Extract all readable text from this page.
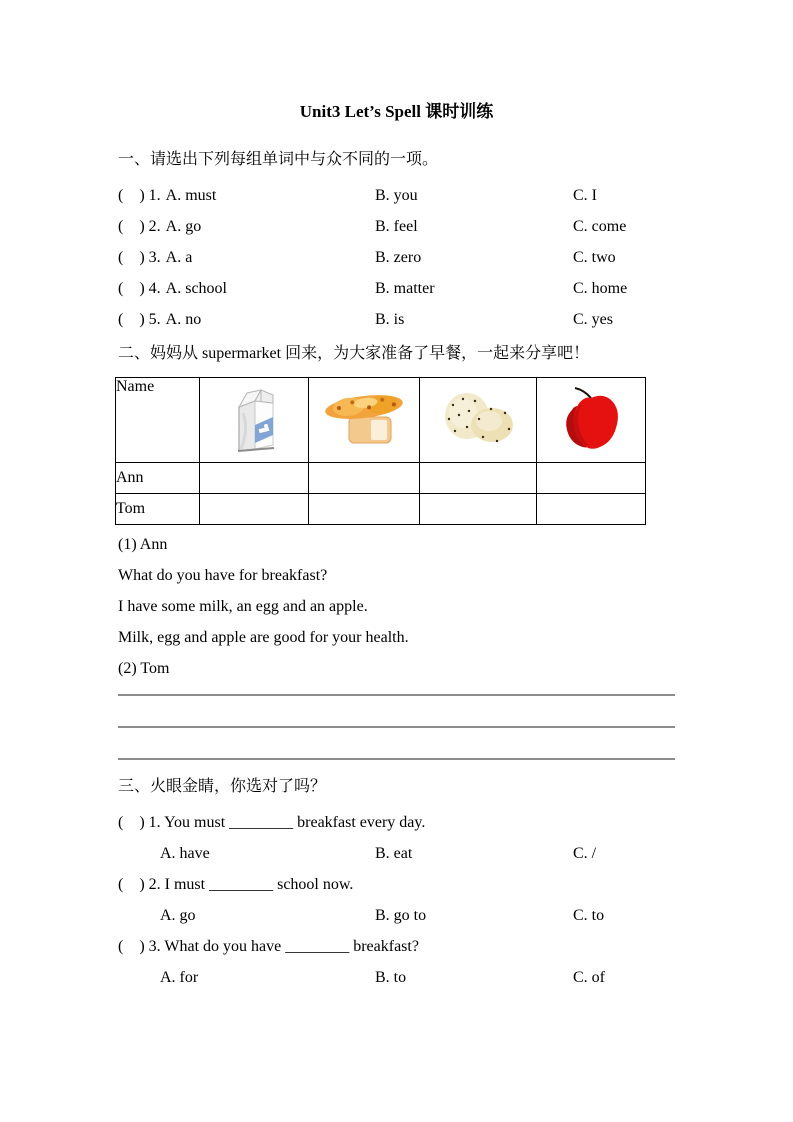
Unit3 Let’s Spell 课时训练
一、请选出下列每组单词中与众不同的一项。
(　) 1. A. must	B. you	C. I
(　) 2. A. go	B. feel	C. come
(　) 3. A. a	B. zero	C. two
(　) 4. A. school	B. matter	C. home
(　) 5. A. no	B. is	C. yes
二、妈妈从 supermarket 回来，为大家准备了早餐，一起来分享吧！
Name				
Ann				
Tom				
(1) Ann
What do you have for breakfast?
I have some milk, an egg and an apple.
Milk, egg and apple are good for your health.
(2) Tom
三、火眼金睛，你选对了吗？
(　) 1. You must ________ breakfast every day.
A. have	B. eat	C. /
(　) 2. I must ________ school now.
A. go	B. go to	C. to
(　) 3. What do you have ________ breakfast?
A. for	B. to	C. of
